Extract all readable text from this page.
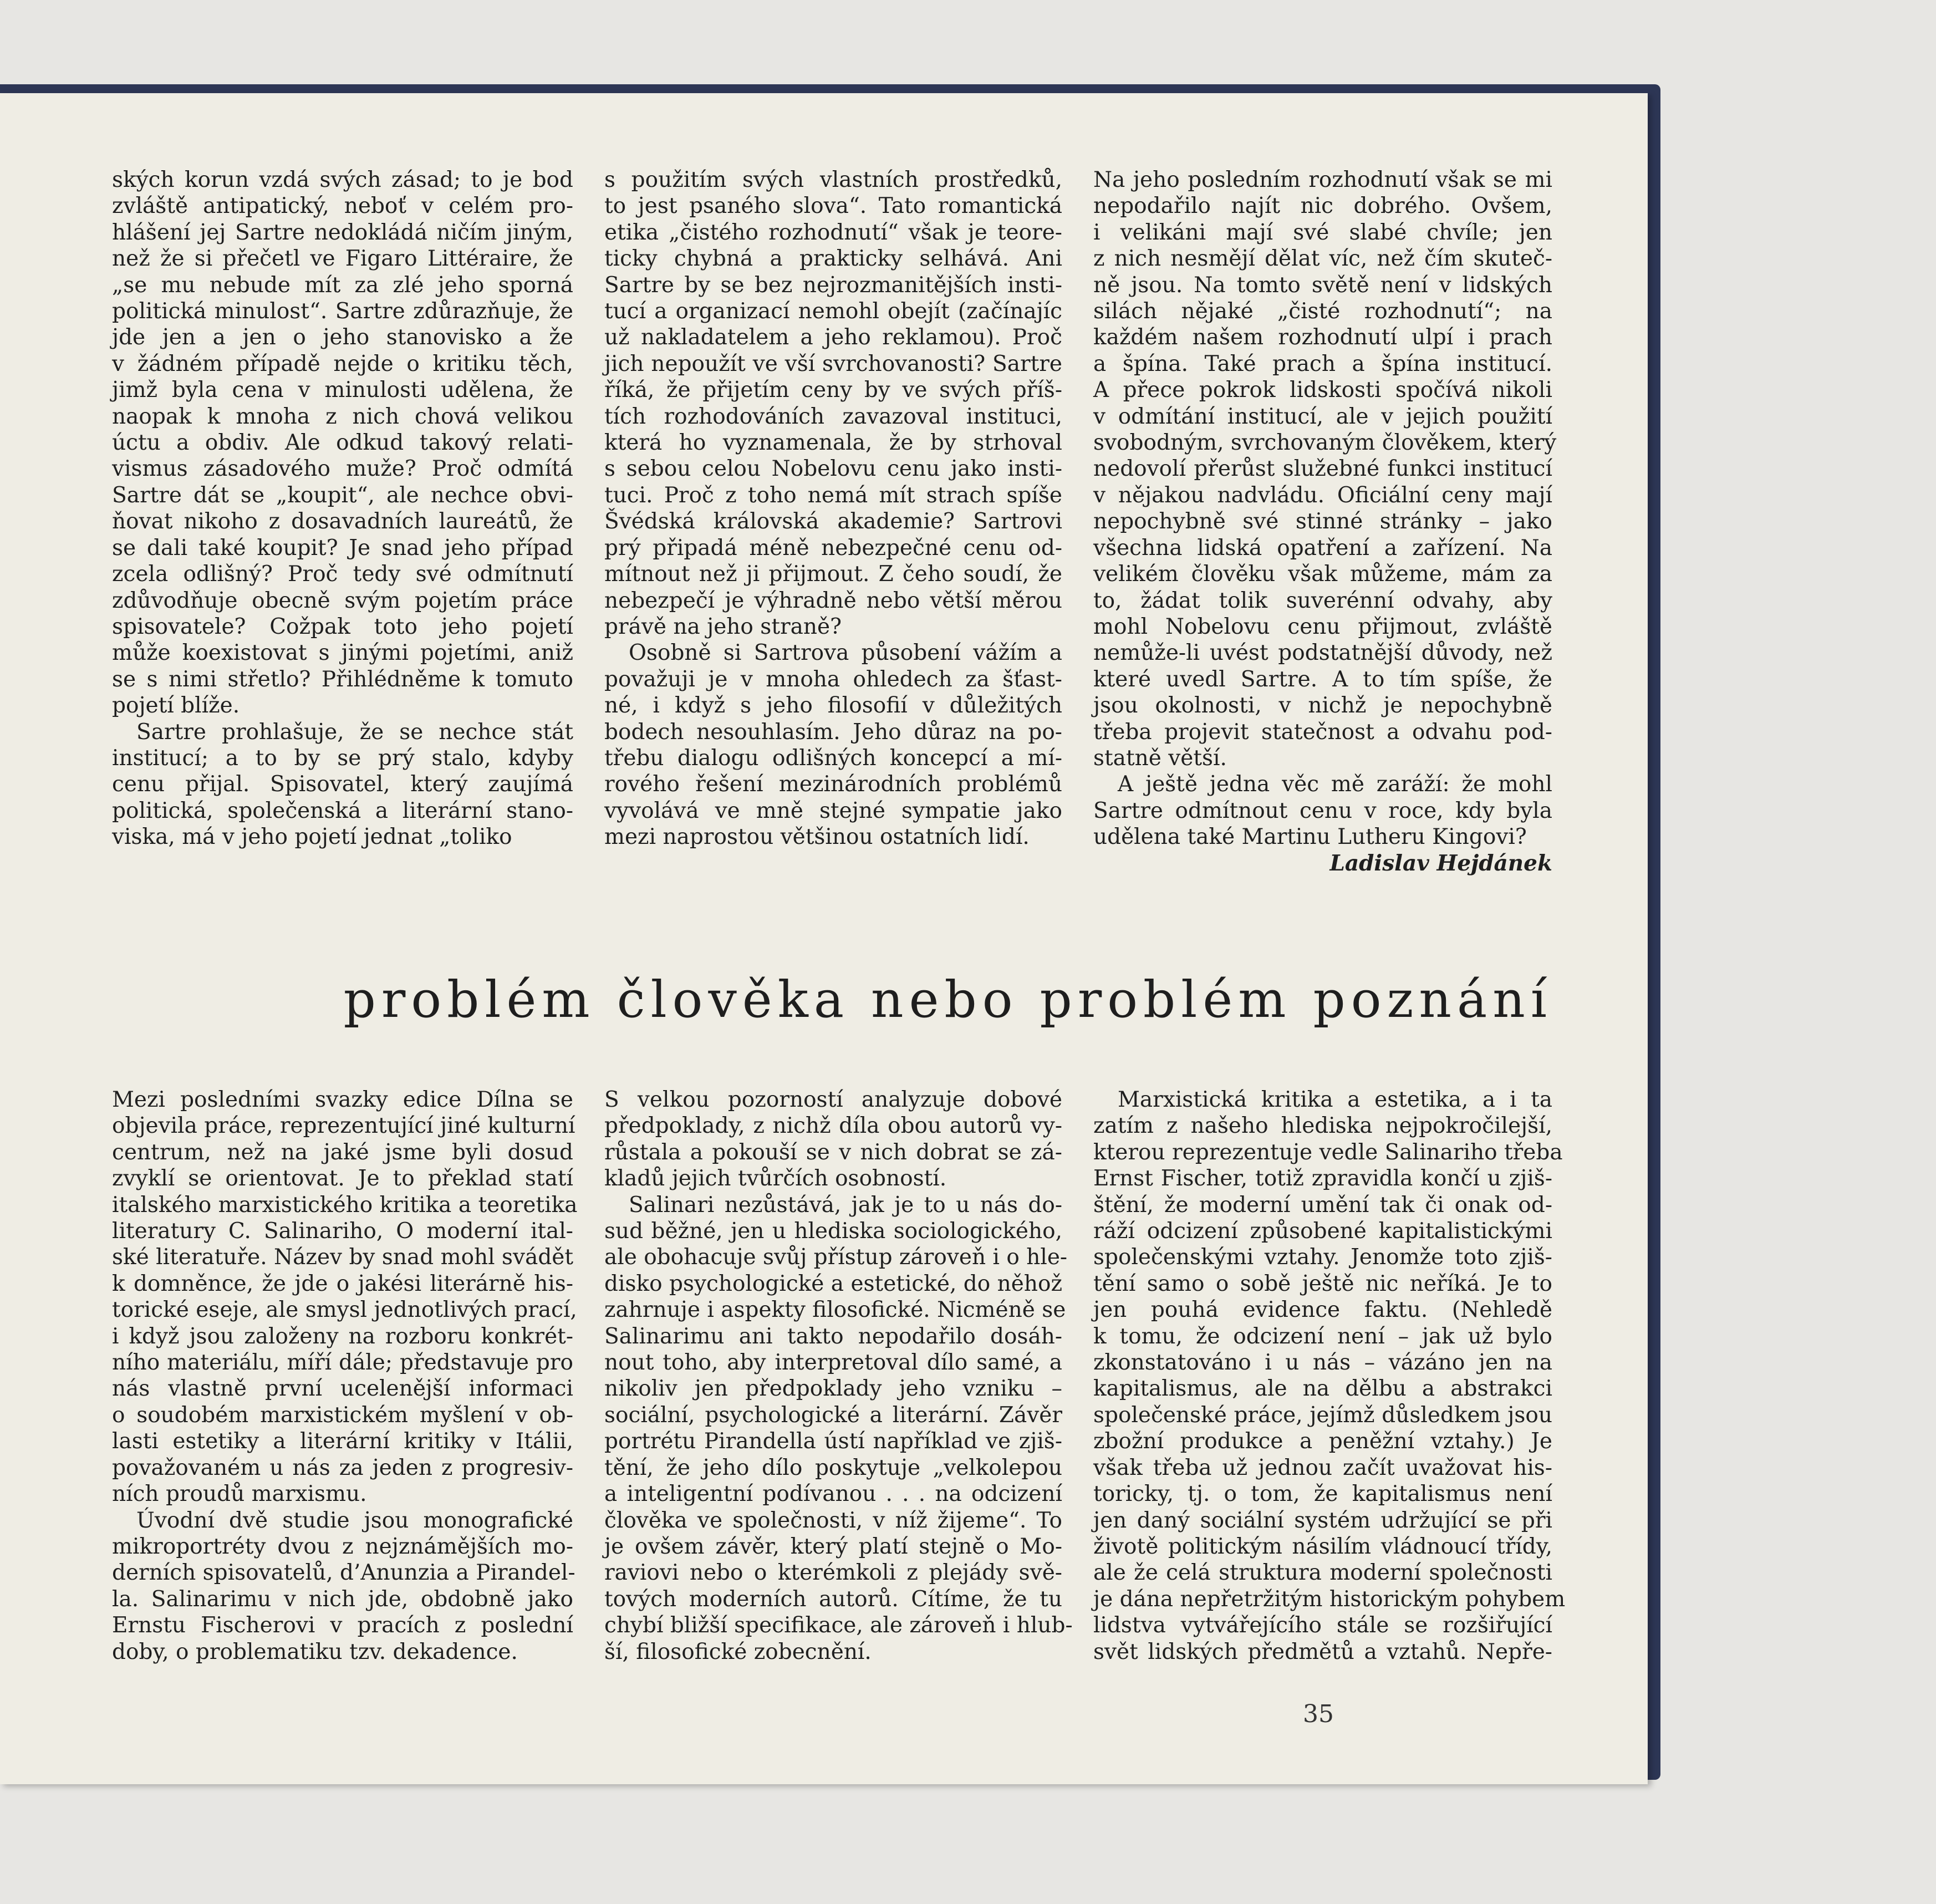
ských korun vzdá svých zásad; to je bod
zvláště antipatický, neboť v celém pro-
hlášení jej Sartre nedokládá ničím jiným,
než že si přečetl ve Figaro Littéraire, že
„se mu nebude mít za zlé jeho sporná
politická minulost“. Sartre zdůrazňuje, že
jde jen a jen o jeho stanovisko a že
v žádném případě nejde o kritiku těch,
jimž byla cena v minulosti udělena, že
naopak k mnoha z nich chová velikou
úctu a obdiv. Ale odkud takový relati-
vismus zásadového muže? Proč odmítá
Sartre dát se „koupit“, ale nechce obvi-
ňovat nikoho z dosavadních laureátů, že
se dali také koupit? Je snad jeho případ
zcela odlišný? Proč tedy své odmítnutí
zdůvodňuje obecně svým pojetím práce
spisovatele? Cožpak toto jeho pojetí
může koexistovat s jinými pojetími, aniž
se s nimi střetlo? Přihlédněme k tomuto
pojetí blíže.
Sartre prohlašuje, že se nechce stát
institucí; a to by se prý stalo, kdyby
cenu přijal. Spisovatel, který zaujímá
politická, společenská a literární stano-
viska, má v jeho pojetí jednat „toliko
s použitím svých vlastních prostředků,
to jest psaného slova“. Tato romantická
etika „čistého rozhodnutí“ však je teore-
ticky chybná a prakticky selhává. Ani
Sartre by se bez nejrozmanitějších insti-
tucí a organizací nemohl obejít (začínajíc
už nakladatelem a jeho reklamou). Proč
jich nepoužít ve vší svrchovanosti? Sartre
říká, že přijetím ceny by ve svých příš-
tích rozhodováních zavazoval instituci,
která ho vyznamenala, že by strhoval
s sebou celou Nobelovu cenu jako insti-
tuci. Proč z toho nemá mít strach spíše
Švédská královská akademie? Sartrovi
prý připadá méně nebezpečné cenu od-
mítnout než ji přijmout. Z čeho soudí, že
nebezpečí je výhradně nebo větší měrou
právě na jeho straně?
Osobně si Sartrova působení vážím a
považuji je v mnoha ohledech za šťast-
né, i když s jeho filosofií v důležitých
bodech nesouhlasím. Jeho důraz na po-
třebu dialogu odlišných koncepcí a mí-
rového řešení mezinárodních problémů
vyvolává ve mně stejné sympatie jako
mezi naprostou většinou ostatních lidí.
Na jeho posledním rozhodnutí však se mi
nepodařilo najít nic dobrého. Ovšem,
i velikáni mají své slabé chvíle; jen
z nich nesmějí dělat víc, než čím skuteč-
ně jsou. Na tomto světě není v lidských
silách nějaké „čisté rozhodnutí“; na
každém našem rozhodnutí ulpí i prach
a špína. Také prach a špína institucí.
A přece pokrok lidskosti spočívá nikoli
v odmítání institucí, ale v jejich použití
svobodným, svrchovaným člověkem, který
nedovolí přerůst služebné funkci institucí
v nějakou nadvládu. Oficiální ceny mají
nepochybně své stinné stránky – jako
všechna lidská opatření a zařízení. Na
velikém člověku však můžeme, mám za
to, žádat tolik suverénní odvahy, aby
mohl Nobelovu cenu přijmout, zvláště
nemůže-li uvést podstatnější důvody, než
které uvedl Sartre. A to tím spíše, že
jsou okolnosti, v nichž je nepochybně
třeba projevit statečnost a odvahu pod-
statně větší.
A ještě jedna věc mě zaráží: že mohl
Sartre odmítnout cenu v roce, kdy byla
udělena také Martinu Lutheru Kingovi?
Ladislav Hejdánek
problém člověka nebo problém poznání
Mezi posledními svazky edice Dílna se
objevila práce, reprezentující jiné kulturní
centrum, než na jaké jsme byli dosud
zvyklí se orientovat. Je to překlad statí
italského marxistického kritika a teoretika
literatury C. Salinariho, O moderní ital-
ské literatuře. Název by snad mohl svádět
k domněnce, že jde o jakési literárně his-
torické eseje, ale smysl jednotlivých prací,
i když jsou založeny na rozboru konkrét-
ního materiálu, míří dále; představuje pro
nás vlastně první ucelenější informaci
o soudobém marxistickém myšlení v ob-
lasti estetiky a literární kritiky v Itálii,
považovaném u nás za jeden z progresiv-
ních proudů marxismu.
Úvodní dvě studie jsou monografické
mikroportréty dvou z nejznámějších mo-
derních spisovatelů, d’Anunzia a Pirandel-
la. Salinarimu v nich jde, obdobně jako
Ernstu Fischerovi v pracích z poslední
doby, o problematiku tzv. dekadence.
S velkou pozorností analyzuje dobové
předpoklady, z nichž díla obou autorů vy-
růstala a pokouší se v nich dobrat se zá-
kladů jejich tvůrčích osobností.
Salinari nezůstává, jak je to u nás do-
sud běžné, jen u hlediska sociologického,
ale obohacuje svůj přístup zároveň i o hle-
disko psychologické a estetické, do něhož
zahrnuje i aspekty filosofické. Nicméně se
Salinarimu ani takto nepodařilo dosáh-
nout toho, aby interpretoval dílo samé, a
nikoliv jen předpoklady jeho vzniku –
sociální, psychologické a literární. Závěr
portrétu Pirandella ústí například ve zjiš-
tění, že jeho dílo poskytuje „velkolepou
a inteligentní podívanou . . . na odcizení
člověka ve společnosti, v níž žijeme“. To
je ovšem závěr, který platí stejně o Mo-
raviovi nebo o kterémkoli z plejády svě-
tových moderních autorů. Cítíme, že tu
chybí bližší specifikace, ale zároveň i hlub-
ší, filosofické zobecnění.
Marxistická kritika a estetika, a i ta
zatím z našeho hlediska nejpokročilejší,
kterou reprezentuje vedle Salinariho třeba
Ernst Fischer, totiž zpravidla končí u zjiš-
štění, že moderní umění tak či onak od-
ráží odcizení způsobené kapitalistickými
společenskými vztahy. Jenomže toto zjiš-
tění samo o sobě ještě nic neříká. Je to
jen pouhá evidence faktu. (Nehledě
k tomu, že odcizení není – jak už bylo
zkonstatováno i u nás – vázáno jen na
kapitalismus, ale na dělbu a abstrakci
společenské práce, jejímž důsledkem jsou
zbožní produkce a peněžní vztahy.) Je
však třeba už jednou začít uvažovat his-
toricky, tj. o tom, že kapitalismus není
jen daný sociální systém udržující se při
životě politickým násilím vládnoucí třídy,
ale že celá struktura moderní společnosti
je dána nepřetržitým historickým pohybem
lidstva vytvářejícího stále se rozšiřující
svět lidských předmětů a vztahů. Nepře-
35
